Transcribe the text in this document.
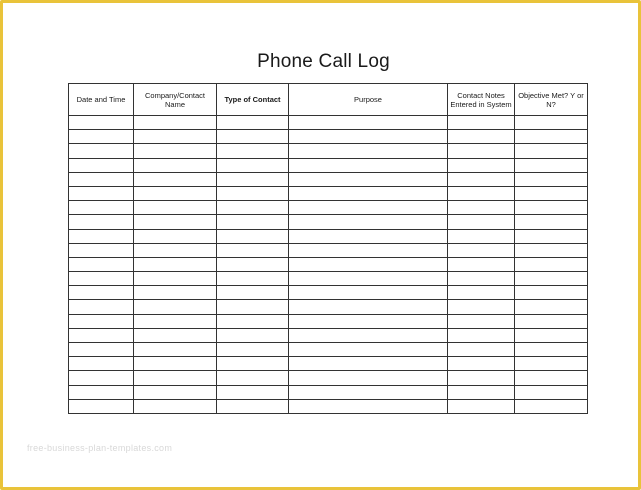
Phone Call Log
Date and Time	Company/Contact Name	Type of Contact	Purpose	Contact Notes Entered in System	Objective Met? Y or N?

free-business-plan-templates.com
